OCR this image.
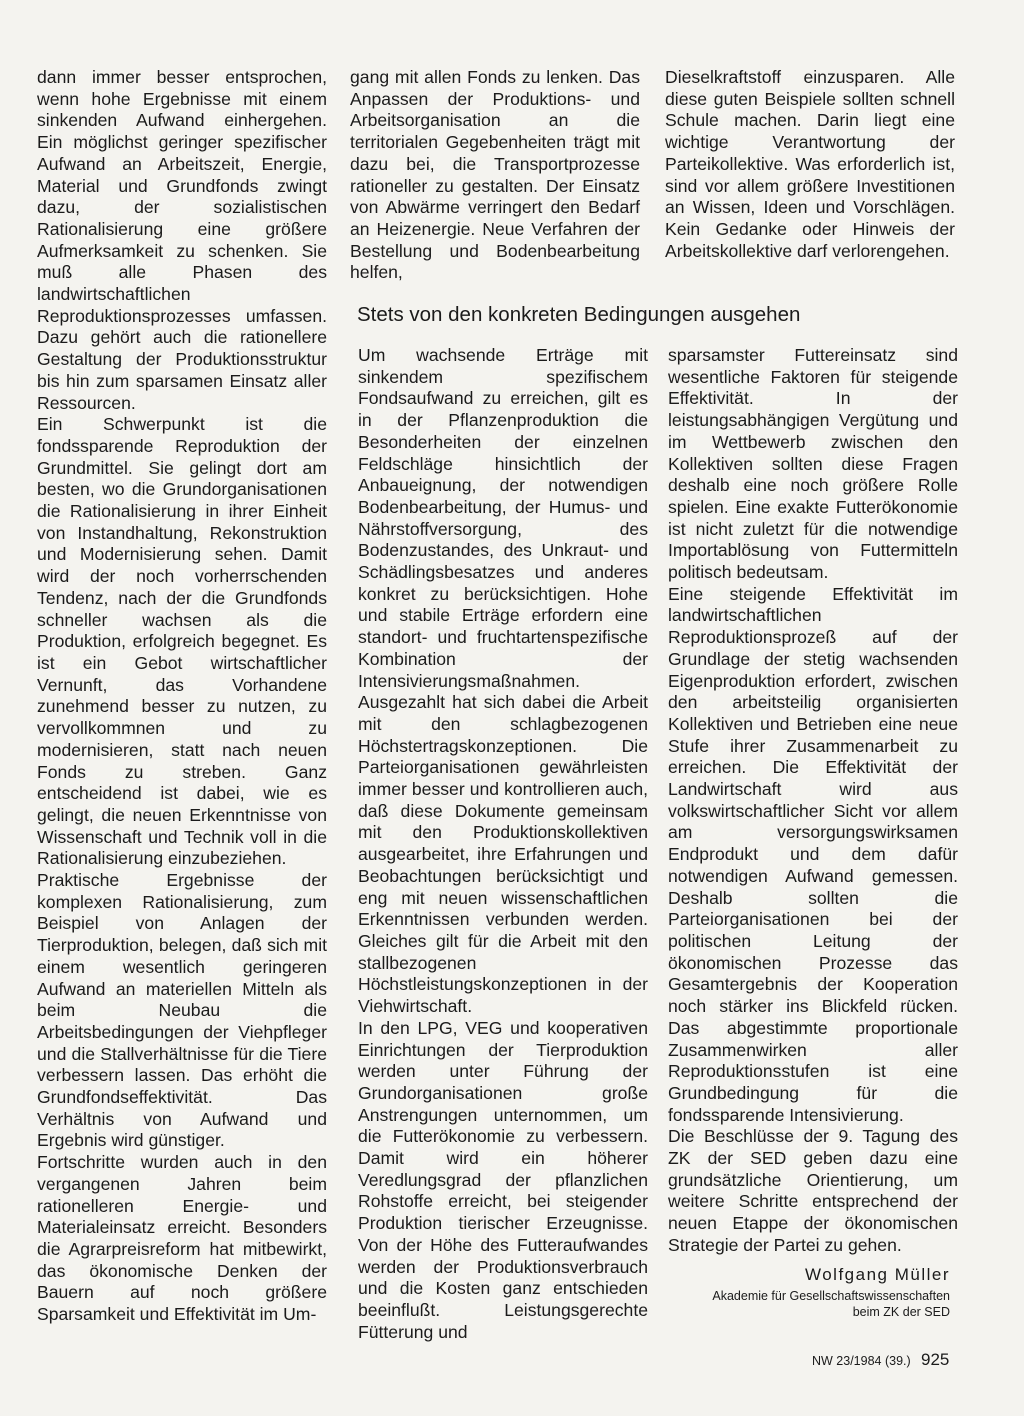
dann immer besser entsprochen, wenn hohe Ergebnisse mit einem sinkenden Aufwand einhergehen. Ein möglichst geringer spezifischer Aufwand an Arbeitszeit, Energie, Material und Grundfonds zwingt dazu, der sozialistischen Rationalisierung eine größere Aufmerksamkeit zu schenken. Sie muß alle Phasen des landwirtschaftlichen Reproduktionsprozesses umfassen. Dazu gehört auch die rationellere Gestaltung der Produktionsstruktur bis hin zum sparsamen Einsatz aller Ressourcen.

Ein Schwerpunkt ist die fondssparende Reproduktion der Grundmittel. Sie gelingt dort am besten, wo die Grundorganisationen die Rationalisierung in ihrer Einheit von Instandhaltung, Rekonstruktion und Modernisierung sehen. Damit wird der noch vorherrschenden Tendenz, nach der die Grundfonds schneller wachsen als die Produktion, erfolgreich begegnet. Es ist ein Gebot wirtschaftlicher Vernunft, das Vorhandene zunehmend besser zu nutzen, zu vervollkommnen und zu modernisieren, statt nach neuen Fonds zu streben. Ganz entscheidend ist dabei, wie es gelingt, die neuen Erkenntnisse von Wissenschaft und Technik voll in die Rationalisierung einzubeziehen.

Praktische Ergebnisse der komplexen Rationalisierung, zum Beispiel von Anlagen der Tierproduktion, belegen, daß sich mit einem wesentlich geringeren Aufwand an materiellen Mitteln als beim Neubau die Arbeitsbedingungen der Viehpfleger und die Stallverhältnisse für die Tiere verbessern lassen. Das erhöht die Grundfondseffektivität. Das Verhältnis von Aufwand und Ergebnis wird günstiger.

Fortschritte wurden auch in den vergangenen Jahren beim rationelleren Energie- und Materialeinsatz erreicht. Besonders die Agrarpreisreform hat mitbewirkt, das ökonomische Denken der Bauern auf noch größere Sparsamkeit und Effektivität im Um-

gang mit allen Fonds zu lenken. Das Anpassen der Produktions- und Arbeitsorganisation an die territorialen Gegebenheiten trägt mit dazu bei, die Transportprozesse rationeller zu gestalten. Der Einsatz von Abwärme verringert den Bedarf an Heizenergie. Neue Verfahren der Bestellung und Bodenbearbeitung helfen,

Dieselkraftstoff einzusparen. Alle diese guten Beispiele sollten schnell Schule machen. Darin liegt eine wichtige Verantwortung der Parteikollektive. Was erforderlich ist, sind vor allem größere Investitionen an Wissen, Ideen und Vorschlägen. Kein Gedanke oder Hinweis der Arbeitskollektive darf verlorengehen.

Stets von den konkreten Bedingungen ausgehen

Um wachsende Erträge mit sinkendem spezifischem Fondsaufwand zu erreichen, gilt es in der Pflanzenproduktion die Besonderheiten der einzelnen Feldschläge hinsichtlich der Anbaueignung, der notwendigen Bodenbearbeitung, der Humus- und Nährstoffversorgung, des Bodenzustandes, des Unkraut- und Schädlingsbesatzes und anderes konkret zu berücksichtigen. Hohe und stabile Erträge erfordern eine standort- und fruchtartenspezifische Kombination der Intensivierungsmaßnahmen. Ausgezahlt hat sich dabei die Arbeit mit den schlagbezogenen Höchstertragskonzeptionen. Die Parteiorganisationen gewährleisten immer besser und kontrollieren auch, daß diese Dokumente gemeinsam mit den Produktionskollektiven ausgearbeitet, ihre Erfahrungen und Beobachtungen berücksichtigt und eng mit neuen wissenschaftlichen Erkenntnissen verbunden werden. Gleiches gilt für die Arbeit mit den stallbezogenen Höchstleistungskonzeptionen in der Viehwirtschaft.

In den LPG, VEG und kooperativen Einrichtungen der Tierproduktion werden unter Führung der Grundorganisationen große Anstrengungen unternommen, um die Futterökonomie zu verbessern. Damit wird ein höherer Veredlungsgrad der pflanzlichen Rohstoffe erreicht, bei steigender Produktion tierischer Erzeugnisse. Von der Höhe des Futteraufwandes werden der Produktionsverbrauch und die Kosten ganz entschieden beeinflußt. Leistungsgerechte Fütterung und

sparsamster Futtereinsatz sind wesentliche Faktoren für steigende Effektivität. In der leistungsabhängigen Vergütung und im Wettbewerb zwischen den Kollektiven sollten diese Fragen deshalb eine noch größere Rolle spielen. Eine exakte Futterökonomie ist nicht zuletzt für die notwendige Importablösung von Futtermitteln politisch bedeutsam.

Eine steigende Effektivität im landwirtschaftlichen Reproduktionsprozeß auf der Grundlage der stetig wachsenden Eigenproduktion erfordert, zwischen den arbeitsteilig organisierten Kollektiven und Betrieben eine neue Stufe ihrer Zusammenarbeit zu erreichen. Die Effektivität der Landwirtschaft wird aus volkswirtschaftlicher Sicht vor allem am versorgungswirksamen Endprodukt und dem dafür notwendigen Aufwand gemessen. Deshalb sollten die Parteiorganisationen bei der politischen Leitung der ökonomischen Prozesse das Gesamtergebnis der Kooperation noch stärker ins Blickfeld rücken. Das abgestimmte proportionale Zusammenwirken aller Reproduktionsstufen ist eine Grundbedingung für die fondssparende Intensivierung.

Die Beschlüsse der 9. Tagung des ZK der SED geben dazu eine grundsätzliche Orientierung, um weitere Schritte entsprechend der neuen Etappe der ökonomischen Strategie der Partei zu gehen.

Wolfgang Müller

Akademie für Gesellschaftswissenschaften
beim ZK der SED
NW 23/1984 (39.) 925
